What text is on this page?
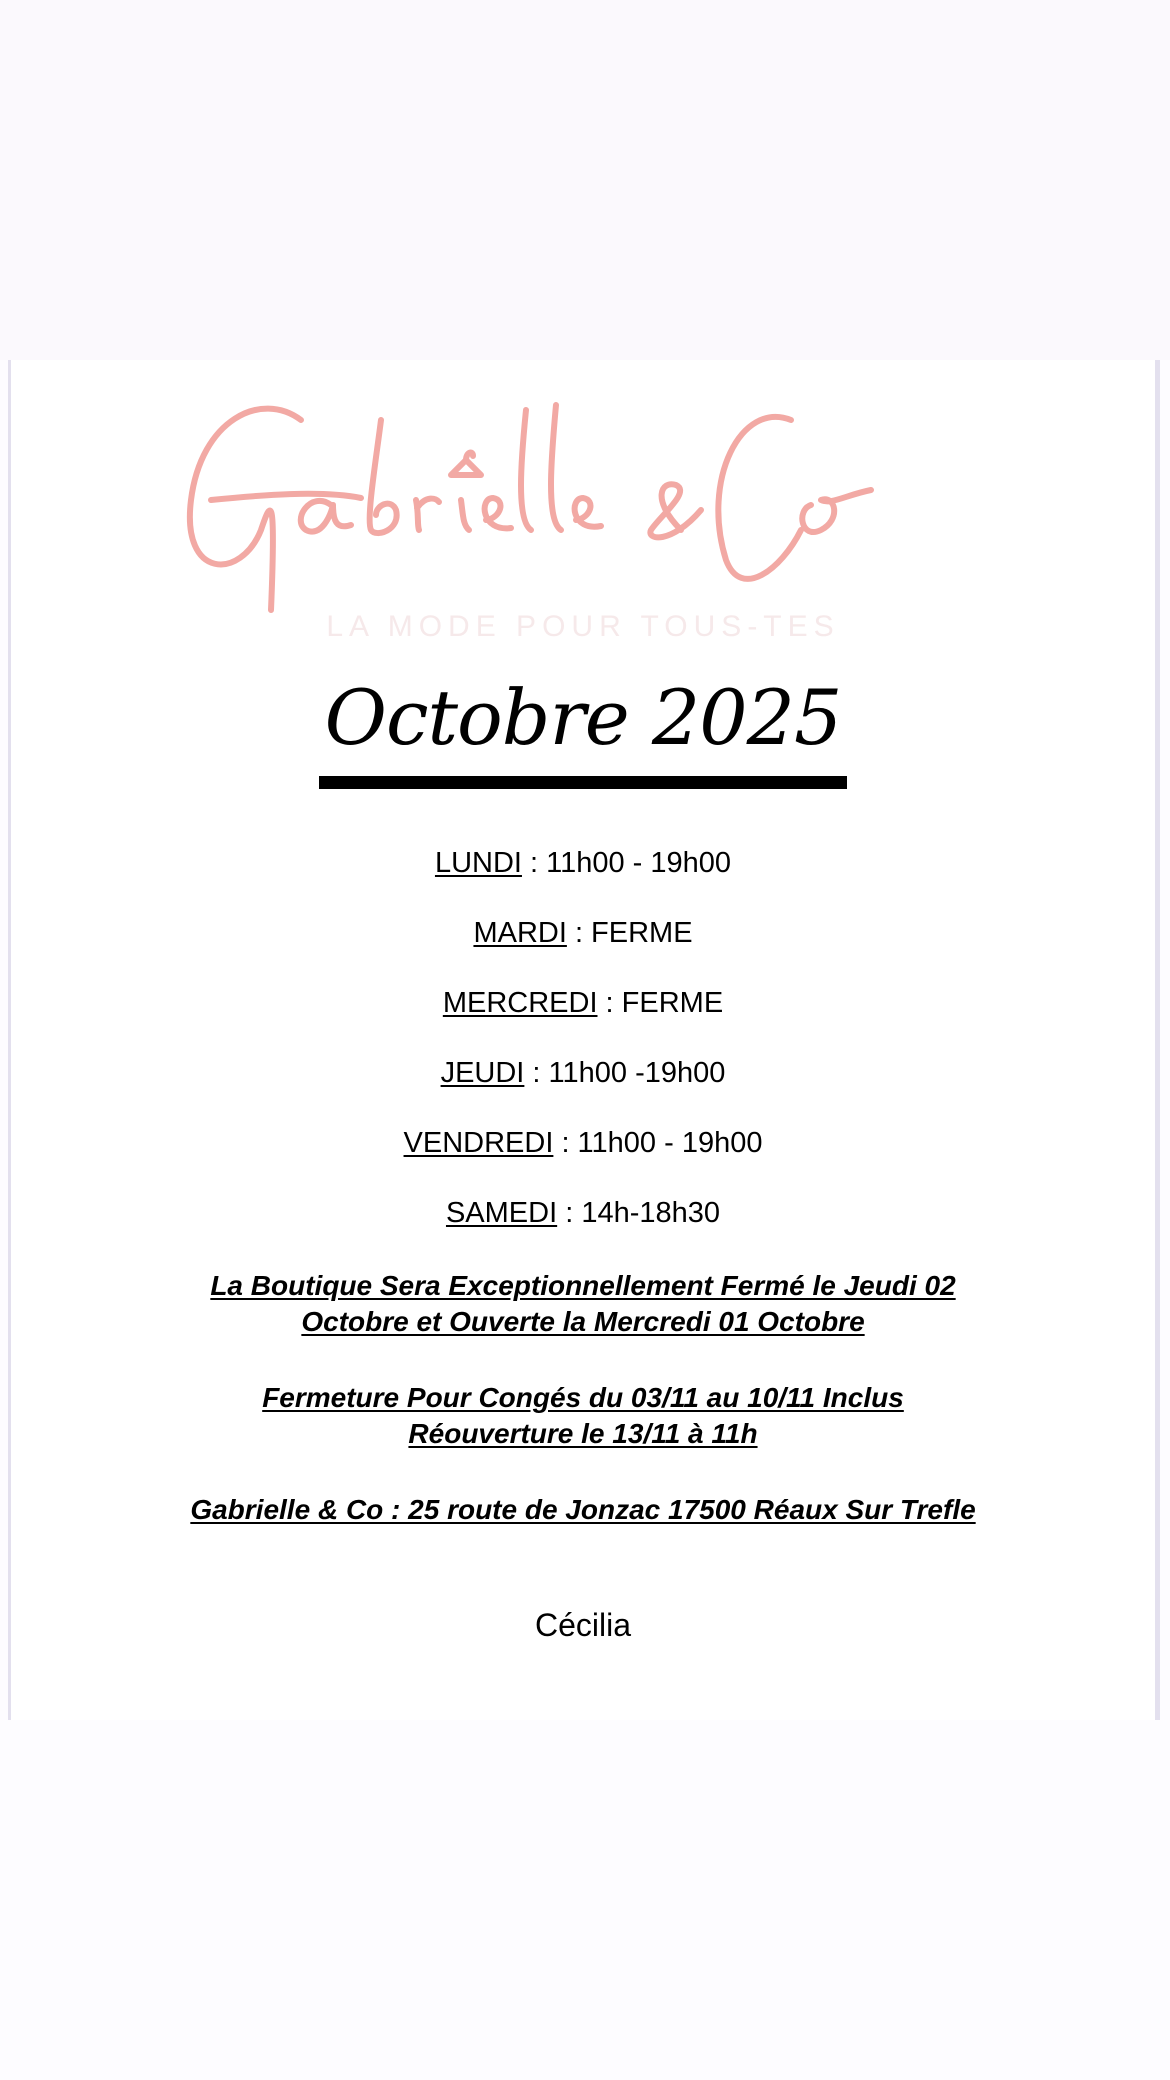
LA MODE POUR TOUS-TES
Octobre 2025
LUNDI : 11h00 - 19h00
MARDI : FERME
MERCREDI : FERME
JEUDI : 11h00 -19h00
VENDREDI : 11h00 - 19h00
SAMEDI : 14h-18h30
La Boutique Sera Exceptionnellement Fermé le Jeudi 02
Octobre et Ouverte la Mercredi 01 Octobre
Fermeture Pour Congés du 03/11 au 10/11 Inclus
Réouverture le 13/11 à 11h
Gabrielle & Co : 25 route de Jonzac 17500 Réaux Sur Trefle
Cécilia
